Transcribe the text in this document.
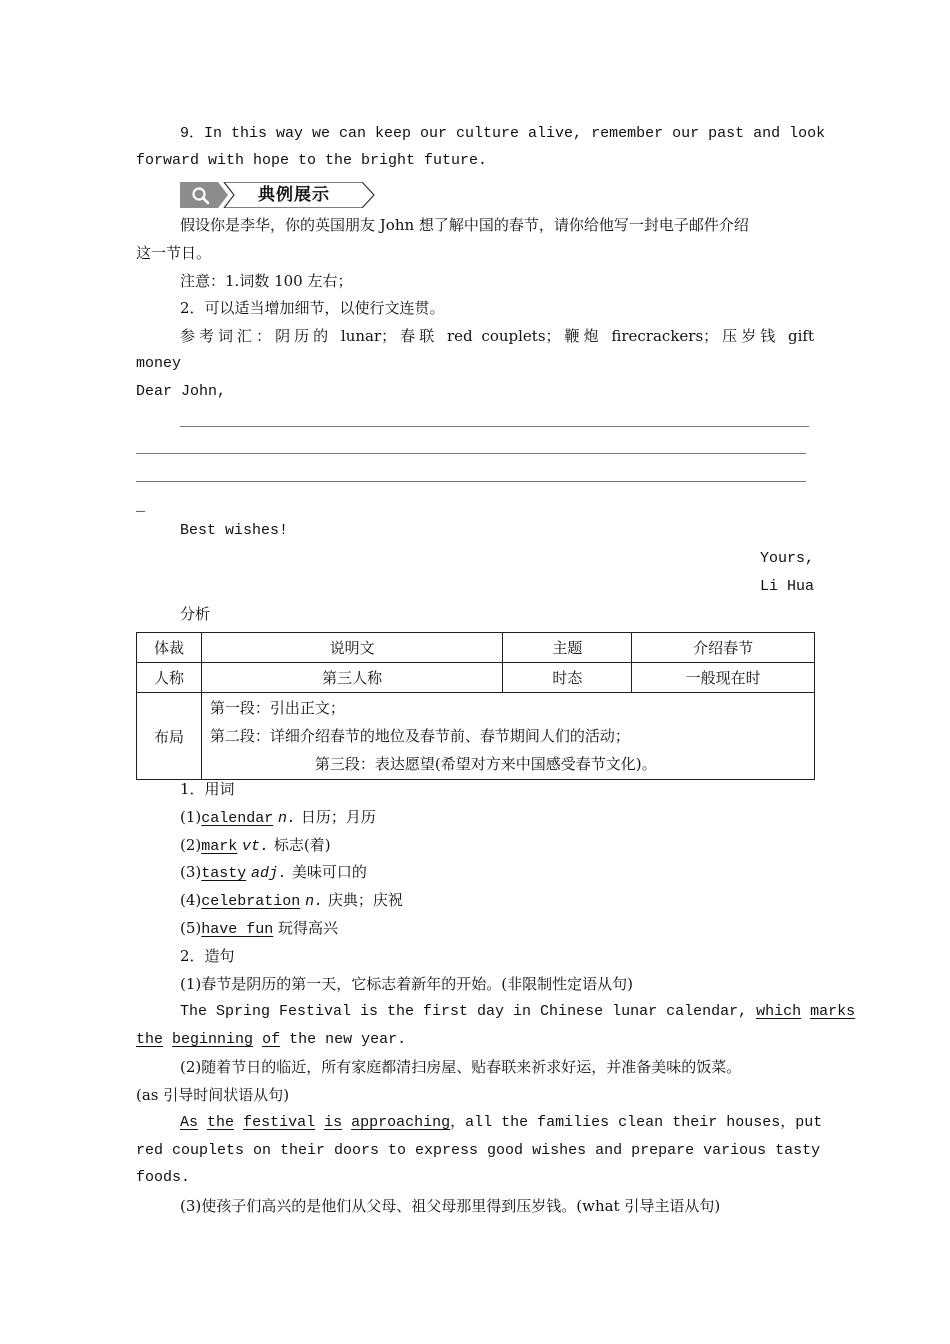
9．In this way we can keep our culture alive, remember our past and look
forward with hope to the bright future.
典例展示
假设你是李华，你的英国朋友 John 想了解中国的春节，请你给他写一封电子邮件介绍
这一节日。
注意：1.词数 100 左右；
2．可以适当增加细节，以使行文连贯。
参考词汇：阴历的 lunar；春联 red couplets；鞭炮 firecrackers；压岁钱 gift
money
Dear John,
_
Best wishes!
Yours,
Li Hua
分析
体裁	说明文	主题	介绍春节
人称	第三人称	时态	一般现在时
布局	第一段：引出正文；
第二段：详细介绍春节的地位及春节前、春节期间人们的活动；
第三段：表达愿望(希望对方来中国感受春节文化)。		
1．用词
(1)calendar n. 日历；月历
(2)mark vt. 标志(着)
(3)tasty adj. 美味可口的
(4)celebration n. 庆典；庆祝
(5)have fun 玩得高兴
2．造句
(1)春节是阴历的第一天，它标志着新年的开始。(非限制性定语从句)
The Spring Festival is the first day in Chinese lunar calendar, which marks
the beginning of the new year.
(2)随着节日的临近，所有家庭都清扫房屋、贴春联来祈求好运，并准备美味的饭菜。
(as 引导时间状语从句)
As the festival is approaching，all the families clean their houses，put
red couplets on their doors to express good wishes and prepare various tasty
foods.
(3)使孩子们高兴的是他们从父母、祖父母那里得到压岁钱。(what 引导主语从句)
